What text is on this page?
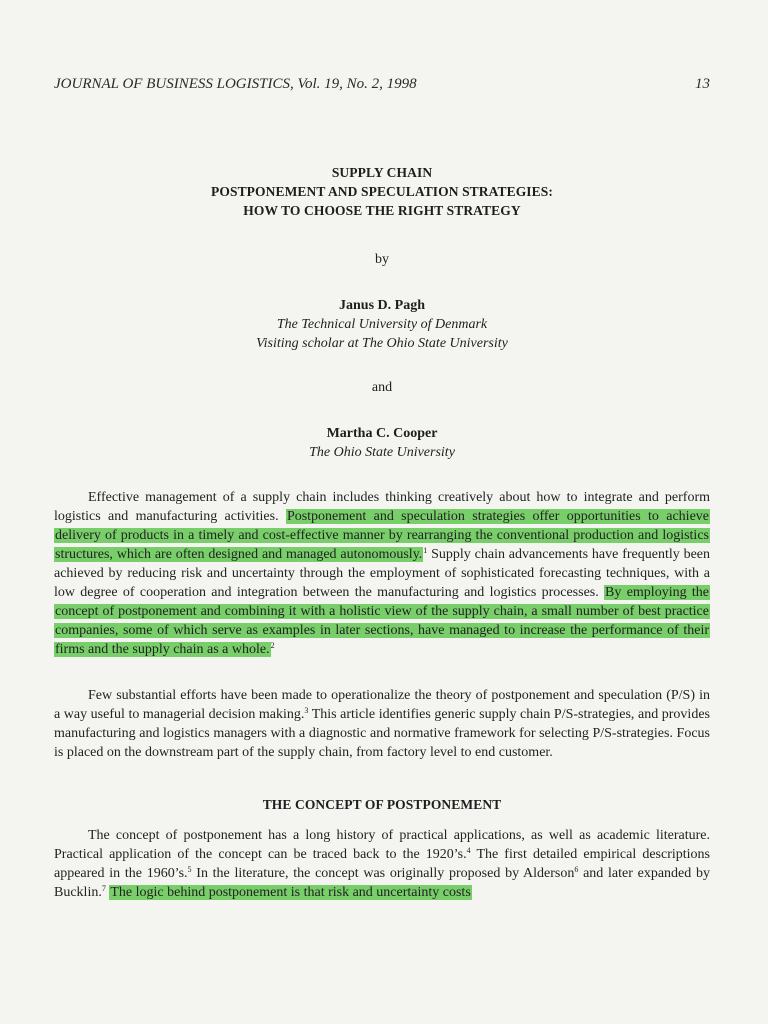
JOURNAL OF BUSINESS LOGISTICS, Vol. 19, No. 2, 1998	13
SUPPLY CHAIN
POSTPONEMENT AND SPECULATION STRATEGIES:
HOW TO CHOOSE THE RIGHT STRATEGY
by
Janus D. Pagh
The Technical University of Denmark
Visiting scholar at The Ohio State University
and
Martha C. Cooper
The Ohio State University

Effective management of a supply chain includes thinking creatively about how to integrate and perform logistics and manufacturing activities. Postponement and speculation strategies offer opportunities to achieve delivery of products in a timely and cost-effective manner by rearranging the conventional production and logistics structures, which are often designed and managed autonomously.$^1$ Supply chain advancements have frequently been achieved by reducing risk and uncertainty through the employment of sophisticated forecasting techniques, with a low degree of cooperation and integration between the manufacturing and logistics processes. By employing the concept of postponement and combining it with a holistic view of the supply chain, a small number of best practice companies, some of which serve as examples in later sections, have managed to increase the performance of their firms and the supply chain as a whole.$^2$

Few substantial efforts have been made to operationalize the theory of postponement and speculation (P/S) in a way useful to managerial decision making.$^3$ This article identifies generic supply chain P/S-strategies, and provides manufacturing and logistics managers with a diagnostic and normative framework for selecting P/S-strategies. Focus is placed on the downstream part of the supply chain, from factory level to end customer.

THE CONCEPT OF POSTPONEMENT

The concept of postponement has a long history of practical applications, as well as academic literature. Practical application of the concept can be traced back to the 1920’s.$^4$ The first detailed empirical descriptions appeared in the 1960’s.$^5$ In the literature, the concept was originally proposed by Alderson$^6$ and later expanded by Bucklin.$^7$ The logic behind postponement is that risk and uncertainty costs
